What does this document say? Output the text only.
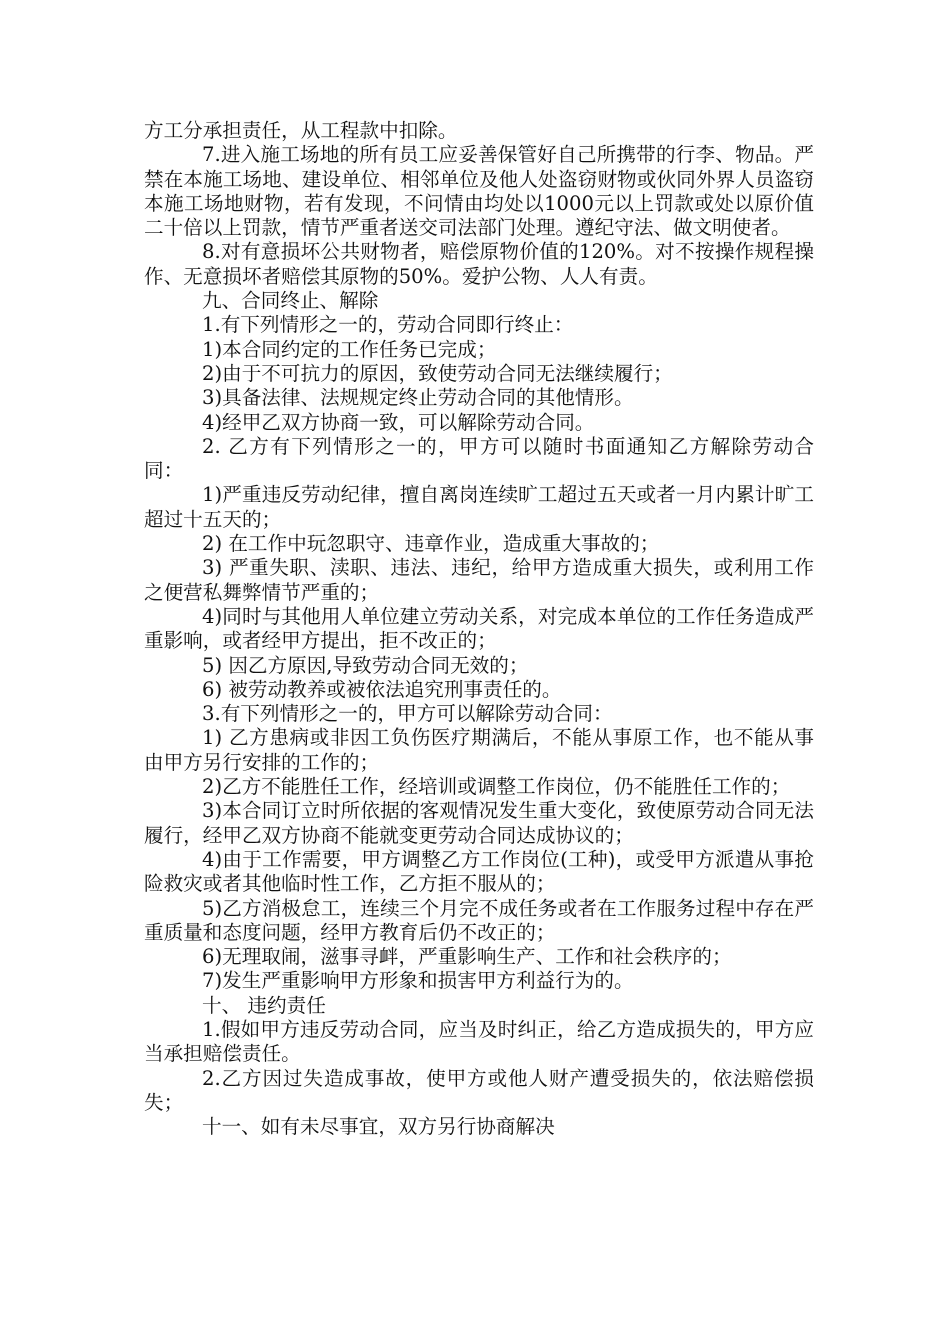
方工分承担责任，从工程款中扣除。

7.进入施工场地的所有员工应妥善保管好自己所携带的行李、物品。严禁在本施工场地、建设单位、相邻单位及他人处盗窃财物或伙同外界人员盗窃本施工场地财物，若有发现，不问情由均处以1000元以上罚款或处以原价值二十倍以上罚款，情节严重者送交司法部门处理。遵纪守法、做文明使者。

8.对有意损坏公共财物者，赔偿原物价值的120%。对不按操作规程操作、无意损坏者赔偿其原物的50%。爱护公物、人人有责。

九、合同终止、解除

1.有下列情形之一的，劳动合同即行终止：

1)本合同约定的工作任务已完成；

2)由于不可抗力的原因，致使劳动合同无法继续履行；

3)具备法律、法规规定终止劳动合同的其他情形。

4)经甲乙双方协商一致，可以解除劳动合同。

2. 乙方有下列情形之一的，甲方可以随时书面通知乙方解除劳动合同：

1)严重违反劳动纪律，擅自离岗连续旷工超过五天或者一月内累计旷工超过十五天的；

2) 在工作中玩忽职守、违章作业，造成重大事故的；

3) 严重失职、渎职、违法、违纪，给甲方造成重大损失，或利用工作之便营私舞弊情节严重的；

4)同时与其他用人单位建立劳动关系，对完成本单位的工作任务造成严重影响，或者经甲方提出，拒不改正的；

5) 因乙方原因,导致劳动合同无效的；

6) 被劳动教养或被依法追究刑事责任的。

3.有下列情形之一的，甲方可以解除劳动合同：

1) 乙方患病或非因工负伤医疗期满后，不能从事原工作，也不能从事由甲方另行安排的工作的；

2)乙方不能胜任工作，经培训或调整工作岗位，仍不能胜任工作的；

3)本合同订立时所依据的客观情况发生重大变化，致使原劳动合同无法履行，经甲乙双方协商不能就变更劳动合同达成协议的；

4)由于工作需要，甲方调整乙方工作岗位(工种)，或受甲方派遣从事抢险救灾或者其他临时性工作，乙方拒不服从的；

5)乙方消极怠工，连续三个月完不成任务或者在工作服务过程中存在严重质量和态度问题，经甲方教育后仍不改正的；

6)无理取闹，滋事寻衅，严重影响生产、工作和社会秩序的；

7)发生严重影响甲方形象和损害甲方利益行为的。

十、 违约责任

1.假如甲方违反劳动合同，应当及时纠正，给乙方造成损失的，甲方应当承担赔偿责任。

2.乙方因过失造成事故，使甲方或他人财产遭受损失的，依法赔偿损失；

十一、如有未尽事宜，双方另行协商解决
